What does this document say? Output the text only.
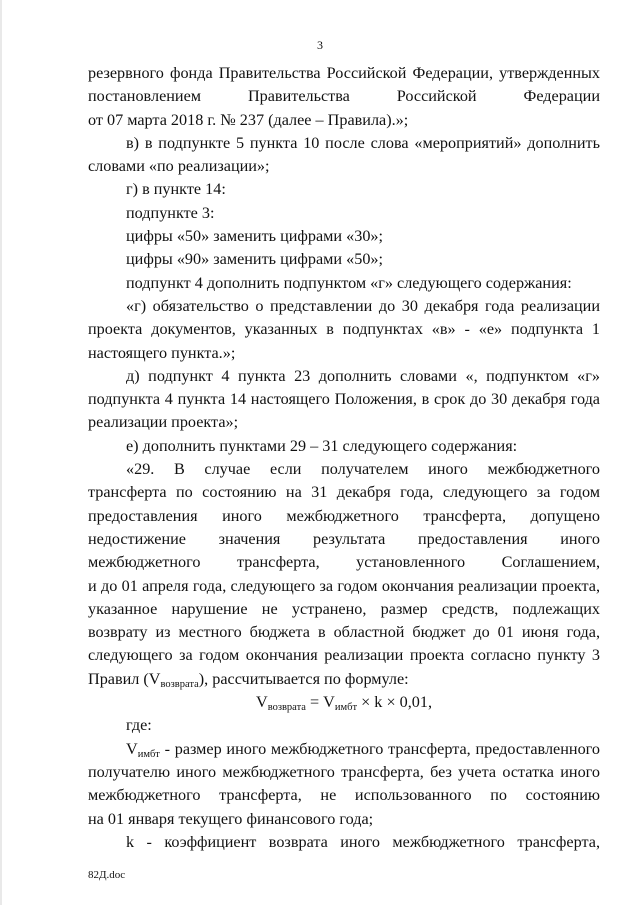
3
резервного фонда Правительства Российской Федерации, утвержденных
постановлением Правительства Российской Федерации
от 07 марта 2018 г. № 237 (далее – Правила).»;
в) в подпункте 5 пункта 10 после слова «мероприятий» дополнить
словами «по реализации»;
г) в пункте 14:
подпункте 3:
цифры «50» заменить цифрами «30»;
цифры «90» заменить цифрами «50»;
подпункт 4 дополнить подпунктом «г» следующего содержания:
«г) обязательство о представлении до 30 декабря года реализации
проекта документов, указанных в подпунктах «в» - «е» подпункта 1
настоящего пункта.»;
д) подпункт 4 пункта 23 дополнить словами «, подпунктом «г»
подпункта 4 пункта 14 настоящего Положения, в срок до 30 декабря года
реализации проекта»;
е) дополнить пунктами 29 – 31 следующего содержания:
«29. В случае если получателем иного межбюджетного
трансферта по состоянию на 31 декабря года, следующего за годом
предоставления иного межбюджетного трансферта, допущено
недостижение значения результата предоставления иного
межбюджетного трансферта, установленного Соглашением,
и до 01 апреля года, следующего за годом окончания реализации проекта,
указанное нарушение не устранено, размер средств, подлежащих
возврату из местного бюджета в областной бюджет до 01 июня года,
следующего за годом окончания реализации проекта согласно пункту 3
Правил $(V_{возврата})$, рассчитывается по формуле:
$V_{возврата} = V_{имбт} \times k \times 0,01$,
где:
$V_{имбт}$ - размер иного межбюджетного трансферта, предоставленного
получателю иного межбюджетного трансферта, без учета остатка иного
межбюджетного трансферта, не использованного по состоянию
на 01 января текущего финансового года;
k - коэффициент возврата иного межбюджетного трансферта,
82Д.doc
